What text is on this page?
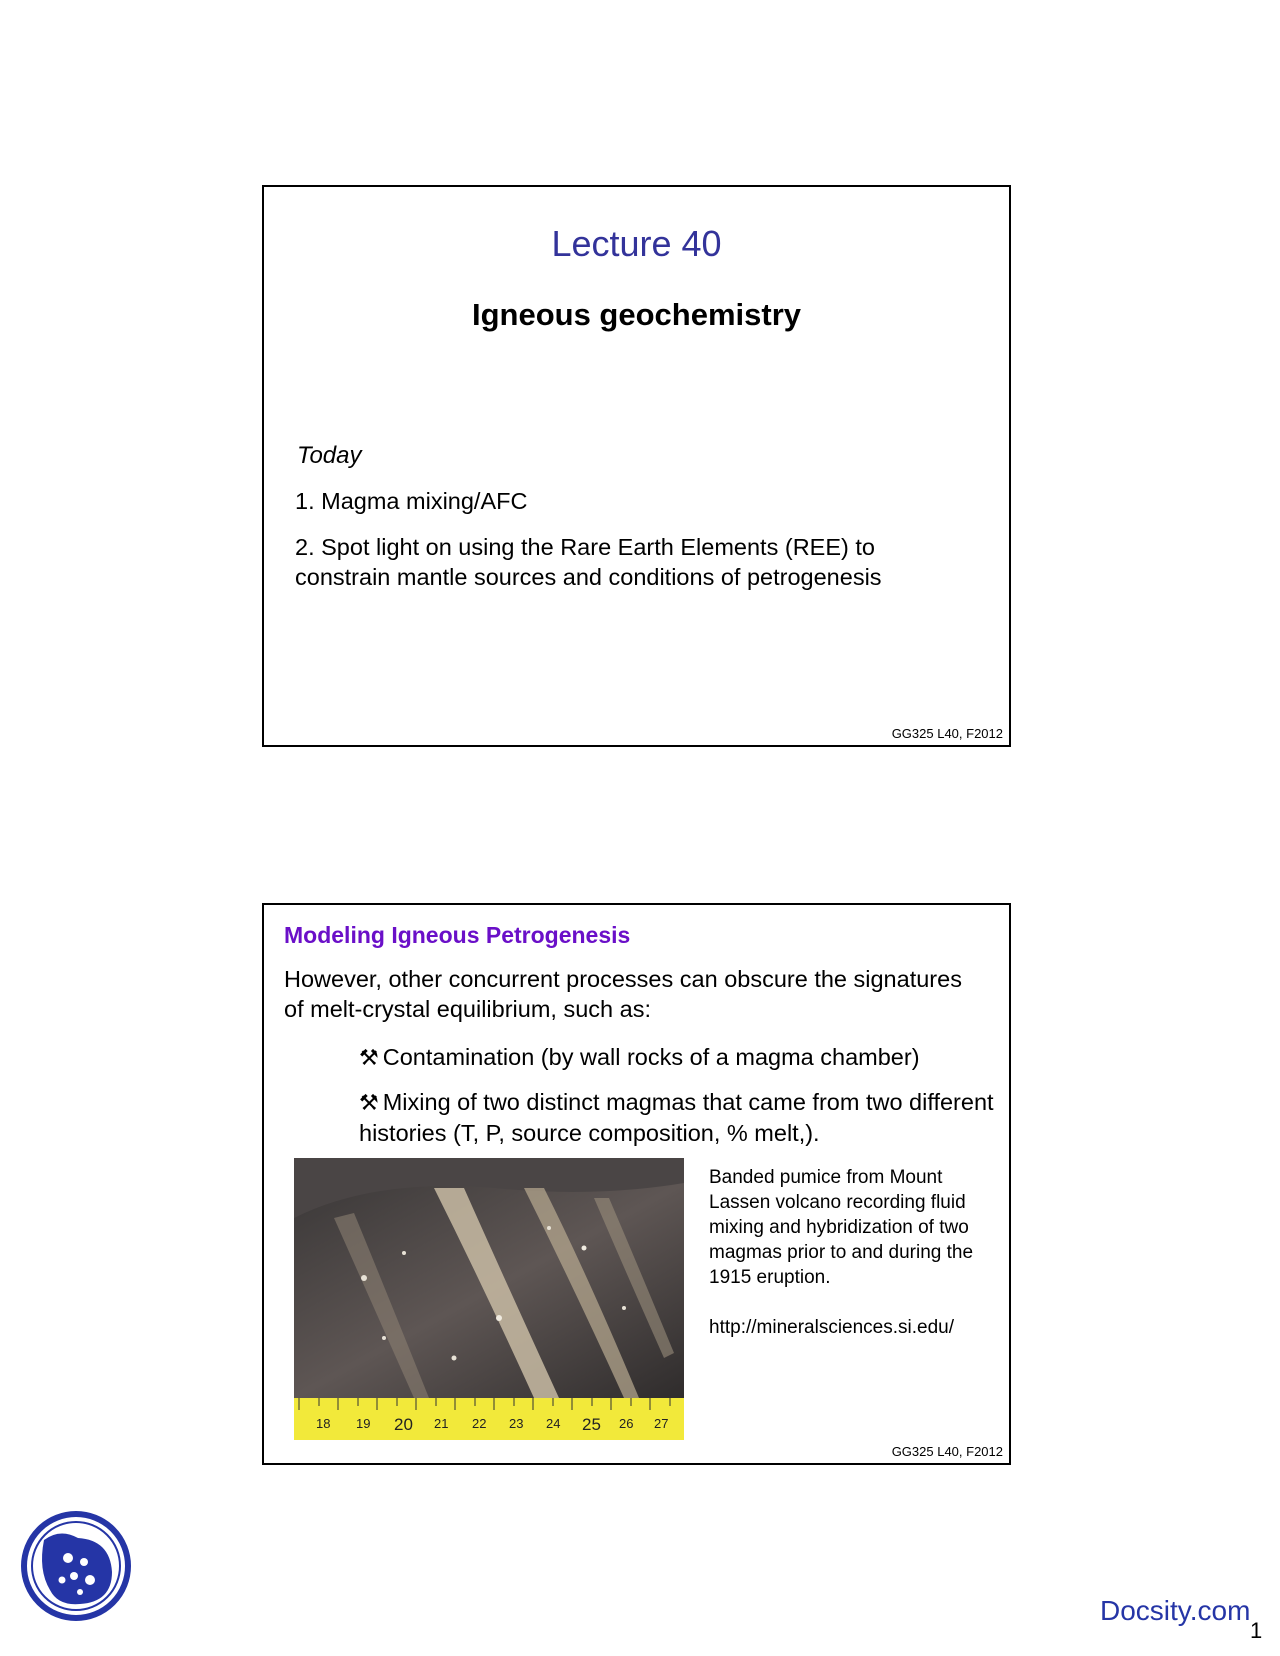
Lecture 40
Igneous geochemistry
Today
1. Magma mixing/AFC
2. Spot light on using the Rare Earth Elements (REE) to constrain mantle sources and conditions of petrogenesis
GG325 L40, F2012
Modeling Igneous Petrogenesis
However, other concurrent processes can obscure the signatures of melt-crystal equilibrium, such as:
⚒ Contamination (by wall rocks of a magma chamber)
⚒ Mixing of two distinct magmas that came from two different histories (T, P, source composition, % melt,).
18 19 20 21 22 23 24 25 26 27
Banded pumice from Mount Lassen volcano recording fluid mixing and hybridization of two magmas prior to and during the 1915 eruption.
http://mineralsciences.si.edu/
GG325 L40, F2012
Docsity.com
1
